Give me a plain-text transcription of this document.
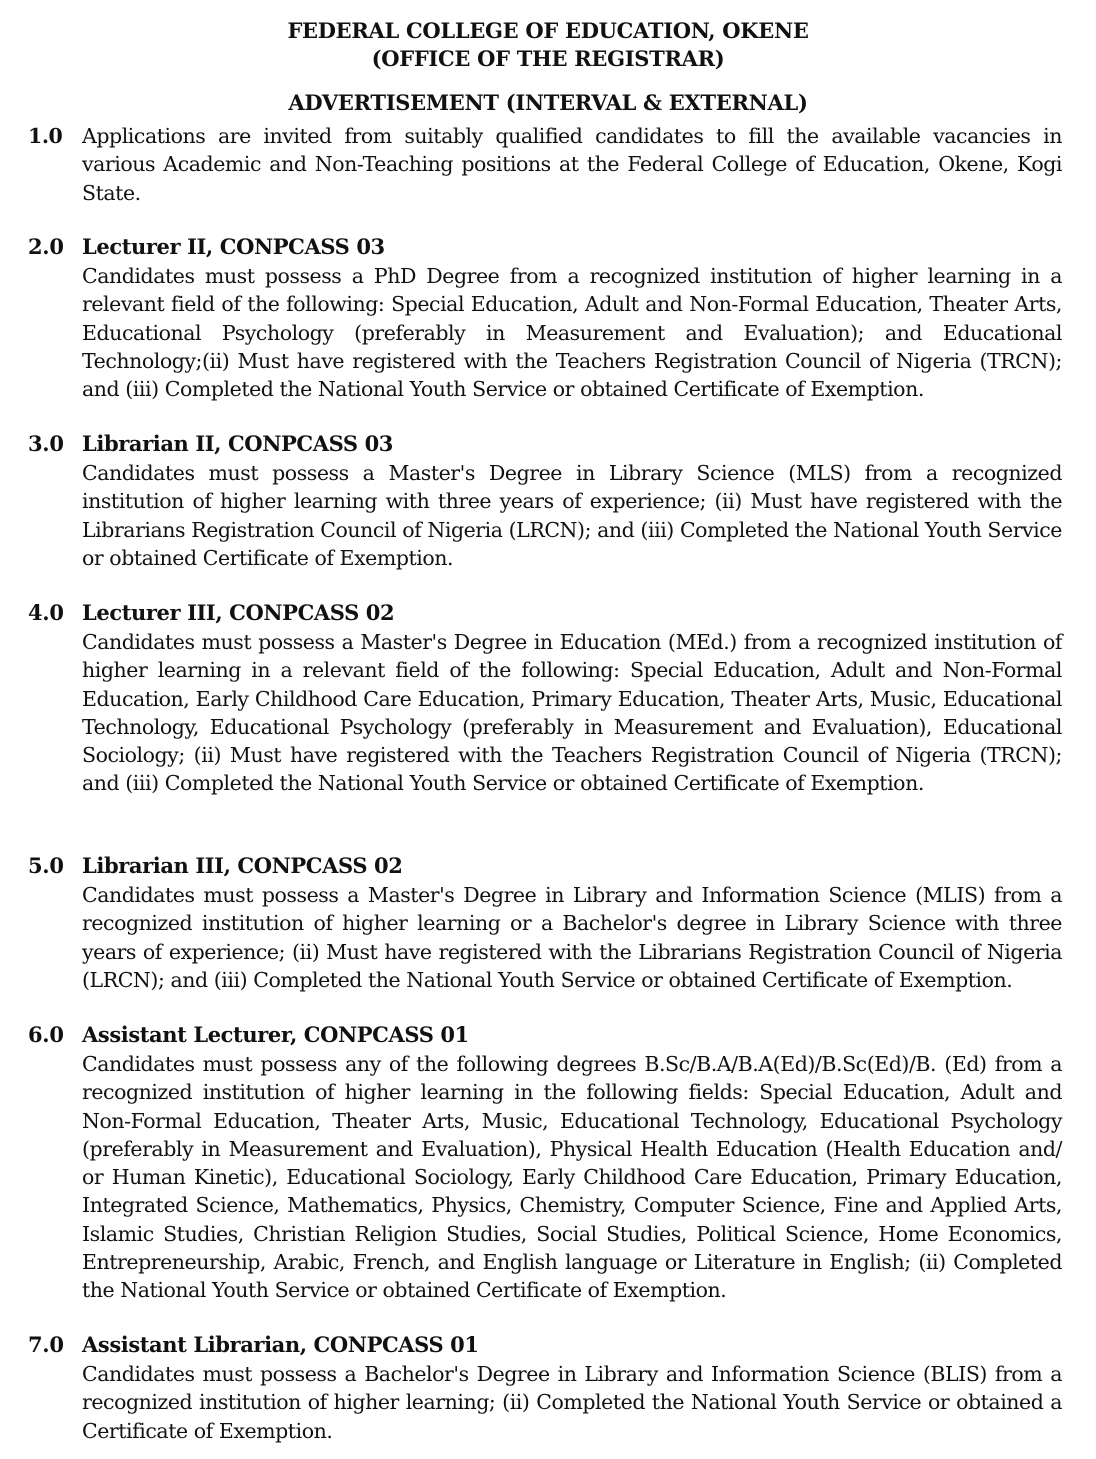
FEDERAL COLLEGE OF EDUCATION, OKENE
(OFFICE OF THE REGISTRAR)
ADVERTISEMENT (INTERVAL & EXTERNAL)
1.0 Applications are invited from suitably qualified candidates to fill the available vacancies in various Academic and Non-Teaching positions at the Federal College of Education, Okene, Kogi State.
2.0 Lecturer II, CONPCASS 03
Candidates must possess a PhD Degree from a recognized institution of higher learning in a relevant field of the following: Special Education, Adult and Non-Formal Education, Theater Arts, Educational Psychology (preferably in Measurement and Evaluation); and Educational Technology;(ii) Must have registered with the Teachers Registration Council of Nigeria (TRCN); and (iii) Completed the National Youth Service or obtained Certificate of Exemption.
3.0 Librarian II, CONPCASS 03
Candidates must possess a Master's Degree in Library Science (MLS) from a recognized institution of higher learning with three years of experience; (ii) Must have registered with the Librarians Registration Council of Nigeria (LRCN); and (iii) Completed the National Youth Service or obtained Certificate of Exemption.
4.0 Lecturer III, CONPCASS 02
Candidates must possess a Master's Degree in Education (MEd.) from a recognized institution of higher learning in a relevant field of the following: Special Education, Adult and Non-Formal Education, Early Childhood Care Education, Primary Education, Theater Arts, Music, Educational Technology, Educational Psychology (preferably in Measurement and Evaluation), Educational Sociology; (ii) Must have registered with the Teachers Registration Council of Nigeria (TRCN); and (iii) Completed the National Youth Service or obtained Certificate of Exemption.
5.0 Librarian III, CONPCASS 02
Candidates must possess a Master's Degree in Library and Information Science (MLIS) from a recognized institution of higher learning or a Bachelor's degree in Library Science with three years of experience; (ii) Must have registered with the Librarians Registration Council of Nigeria (LRCN); and (iii) Completed the National Youth Service or obtained Certificate of Exemption.
6.0 Assistant Lecturer, CONPCASS 01
Candidates must possess any of the following degrees B.Sc/B.A/B.A(Ed)/B.Sc(Ed)/B. (Ed) from a recognized institution of higher learning in the following fields: Special Education, Adult and Non-Formal Education, Theater Arts, Music, Educational Technology, Educational Psychology (preferably in Measurement and Evaluation), Physical Health Education (Health Education and/ or Human Kinetic), Educational Sociology, Early Childhood Care Education, Primary Education, Integrated Science, Mathematics, Physics, Chemistry, Computer Science, Fine and Applied Arts, Islamic Studies, Christian Religion Studies, Social Studies, Political Science, Home Economics, Entrepreneurship, Arabic, French, and English language or Literature in English; (ii) Completed the National Youth Service or obtained Certificate of Exemption.
7.0 Assistant Librarian, CONPCASS 01
Candidates must possess a Bachelor's Degree in Library and Information Science (BLIS) from a recognized institution of higher learning; (ii) Completed the National Youth Service or obtained a Certificate of Exemption.
